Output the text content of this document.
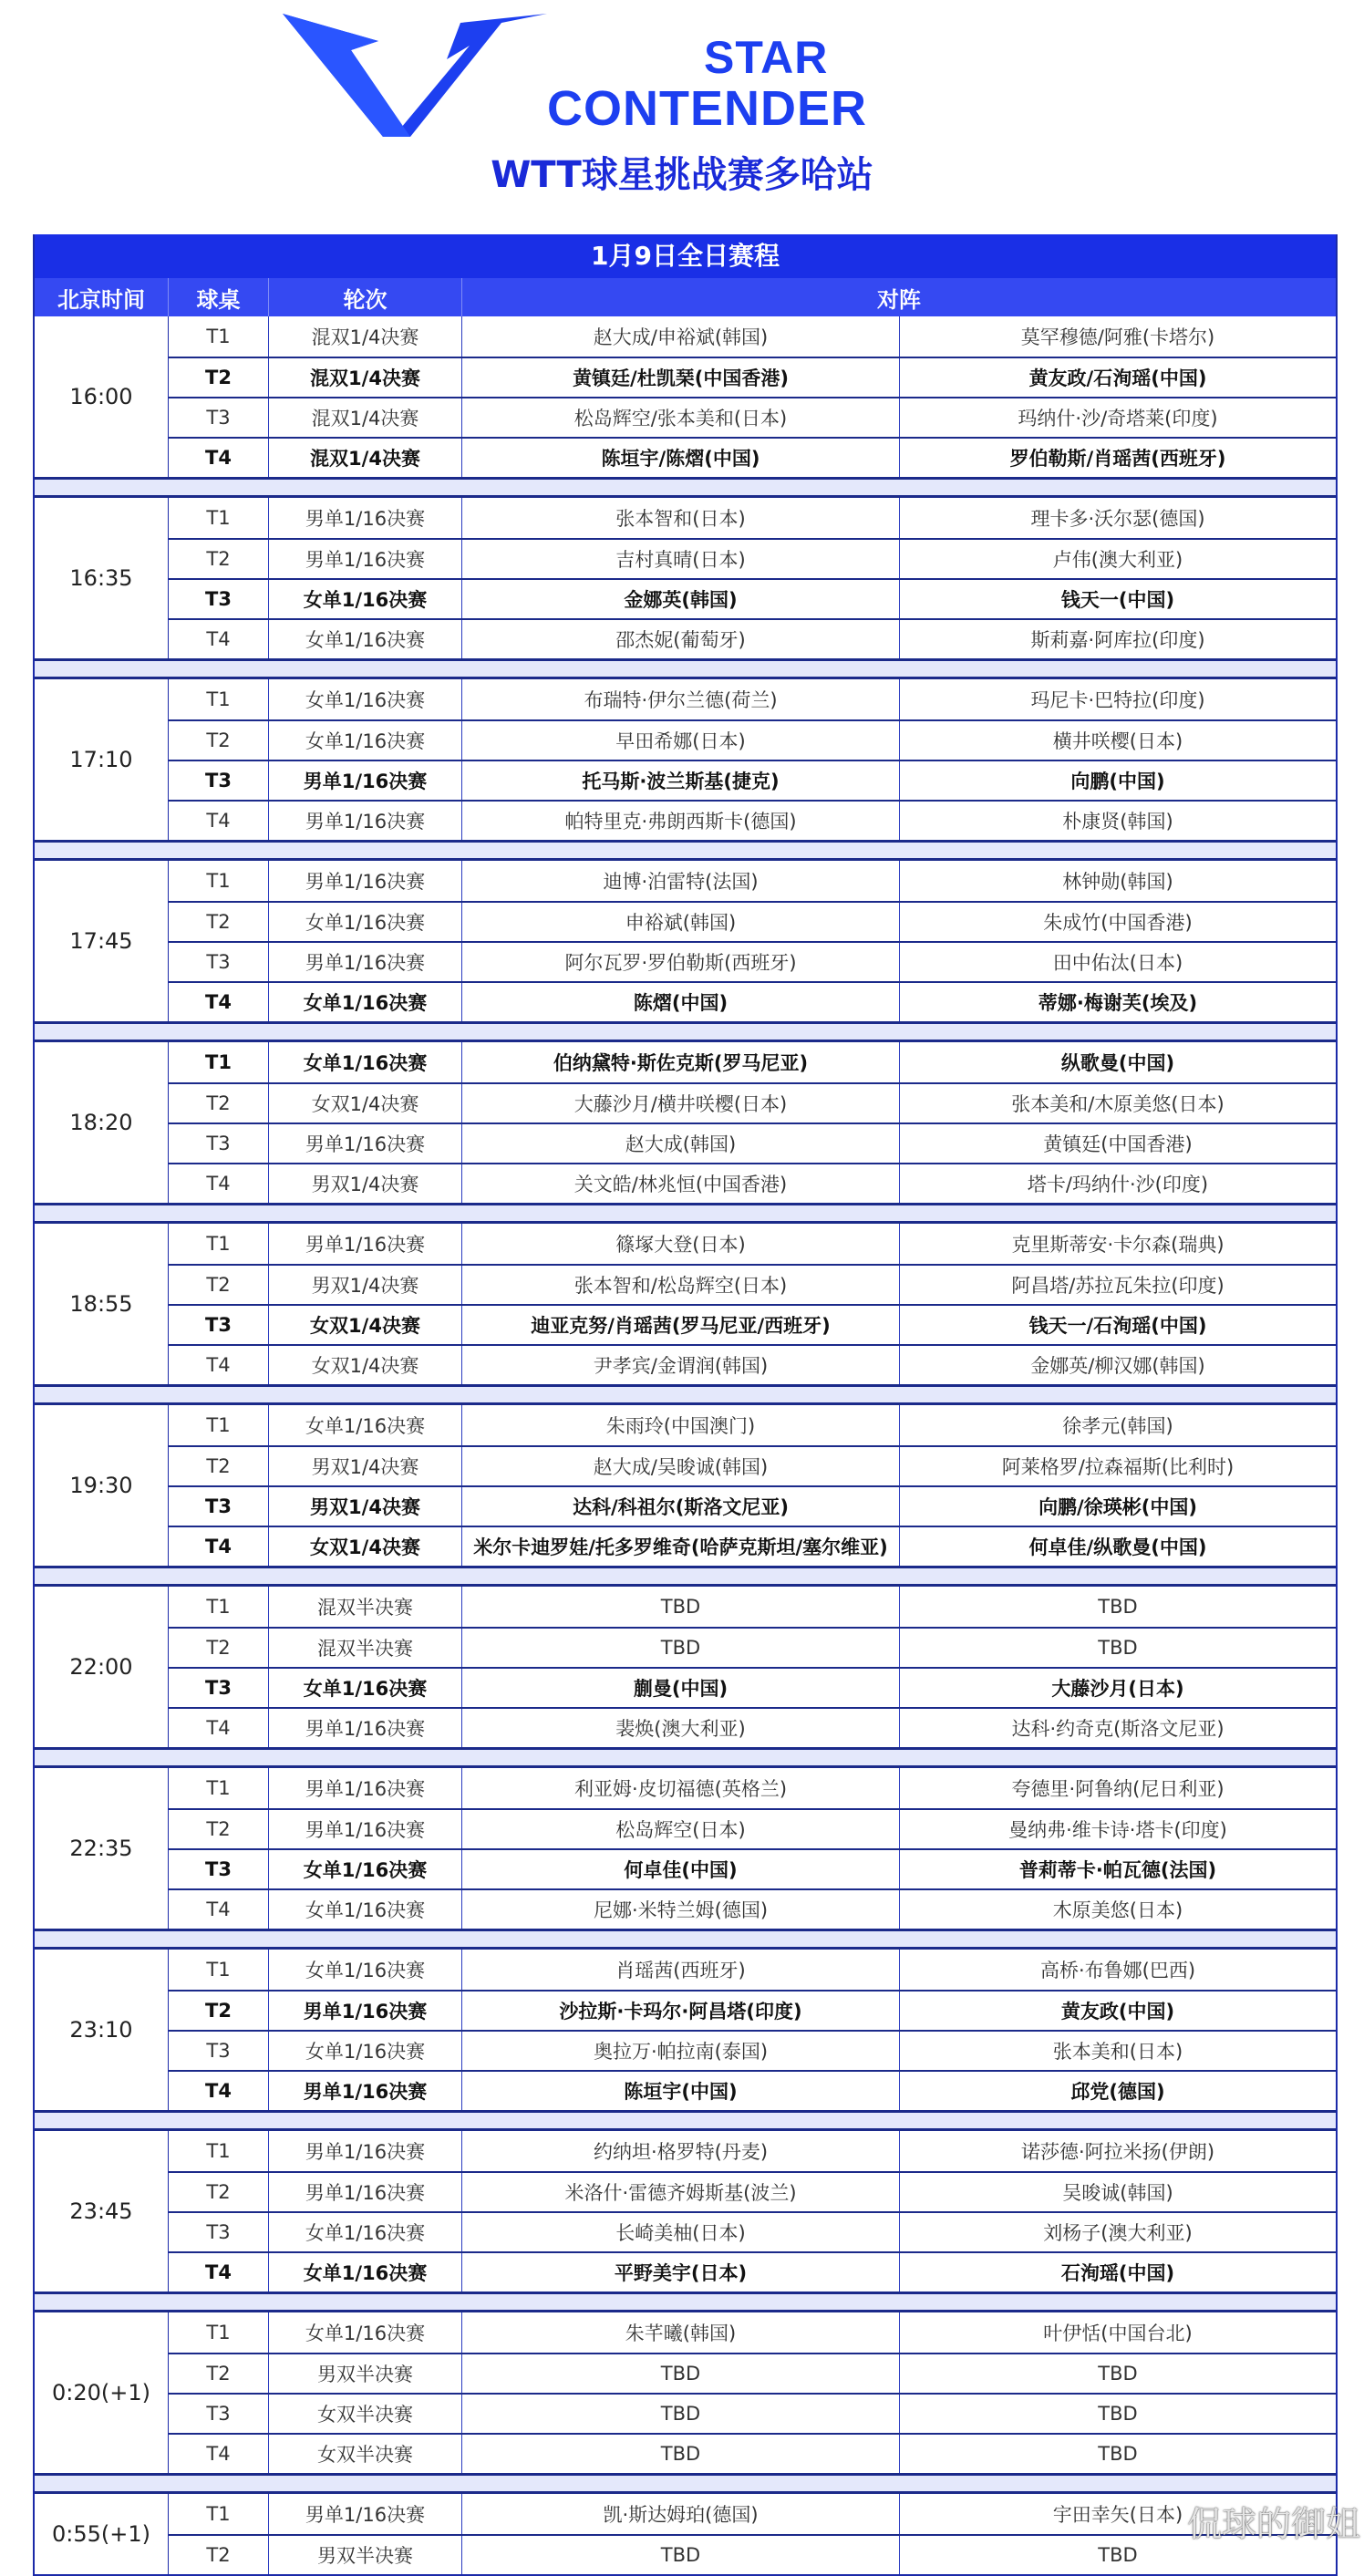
STAR
CONTENDER
WTT球星挑战赛多哈站
1月9日全日赛程
北京时间	球桌	轮次	对阵
16:00
T1	混双1/4决赛	赵大成/申裕斌(韩国)	莫罕穆德/阿雅(卡塔尔)
T2	混双1/4决赛	黄镇廷/杜凯琹(中国香港)	黄友政/石洵瑶(中国)
T3	混双1/4决赛	松岛辉空/张本美和(日本)	玛纳什·沙/奇塔莱(印度)
T4	混双1/4决赛	陈垣宇/陈熠(中国)	罗伯勒斯/肖瑶茜(西班牙)
16:35
T1	男单1/16决赛	张本智和(日本)	理卡多·沃尔瑟(德国)
T2	男单1/16决赛	吉村真晴(日本)	卢伟(澳大利亚)
T3	女单1/16决赛	金娜英(韩国)	钱天一(中国)
T4	女单1/16决赛	邵杰妮(葡萄牙)	斯莉嘉·阿库拉(印度)
17:10
T1	女单1/16决赛	布瑞特·伊尔兰德(荷兰)	玛尼卡·巴特拉(印度)
T2	女单1/16决赛	早田希娜(日本)	横井咲樱(日本)
T3	男单1/16决赛	托马斯·波兰斯基(捷克)	向鹏(中国)
T4	男单1/16决赛	帕特里克·弗朗西斯卡(德国)	朴康贤(韩国)
17:45
T1	男单1/16决赛	迪博·泊雷特(法国)	林钟勋(韩国)
T2	女单1/16决赛	申裕斌(韩国)	朱成竹(中国香港)
T3	男单1/16决赛	阿尔瓦罗·罗伯勒斯(西班牙)	田中佑汰(日本)
T4	女单1/16决赛	陈熠(中国)	蒂娜·梅谢芙(埃及)
18:20
T1	女单1/16决赛	伯纳黛特·斯佐克斯(罗马尼亚)	纵歌曼(中国)
T2	女双1/4决赛	大藤沙月/横井咲樱(日本)	张本美和/木原美悠(日本)
T3	男单1/16决赛	赵大成(韩国)	黄镇廷(中国香港)
T4	男双1/4决赛	关文皓/林兆恒(中国香港)	塔卡/玛纳什·沙(印度)
18:55
T1	男单1/16决赛	篠塚大登(日本)	克里斯蒂安·卡尔森(瑞典)
T2	男双1/4决赛	张本智和/松岛辉空(日本)	阿昌塔/苏拉瓦朱拉(印度)
T3	女双1/4决赛	迪亚克努/肖瑶茜(罗马尼亚/西班牙)	钱天一/石洵瑶(中国)
T4	女双1/4决赛	尹孝宾/金谓润(韩国)	金娜英/柳汉娜(韩国)
19:30
T1	女单1/16决赛	朱雨玲(中国澳门)	徐孝元(韩国)
T2	男双1/4决赛	赵大成/吴晙诚(韩国)	阿莱格罗/拉森福斯(比利时)
T3	男双1/4决赛	达科/科祖尔(斯洛文尼亚)	向鹏/徐瑛彬(中国)
T4	女双1/4决赛	米尔卡迪罗娃/托多罗维奇(哈萨克斯坦/塞尔维亚)	何卓佳/纵歌曼(中国)
22:00
T1	混双半决赛	TBD	TBD
T2	混双半决赛	TBD	TBD
T3	女单1/16决赛	蒯曼(中国)	大藤沙月(日本)
T4	男单1/16决赛	裴焕(澳大利亚)	达科·约奇克(斯洛文尼亚)
22:35
T1	男单1/16决赛	利亚姆·皮切福德(英格兰)	夸德里·阿鲁纳(尼日利亚)
T2	男单1/16决赛	松岛辉空(日本)	曼纳弗·维卡诗·塔卡(印度)
T3	女单1/16决赛	何卓佳(中国)	普莉蒂卡·帕瓦德(法国)
T4	女单1/16决赛	尼娜·米特兰姆(德国)	木原美悠(日本)
23:10
T1	女单1/16决赛	肖瑶茜(西班牙)	高桥·布鲁娜(巴西)
T2	男单1/16决赛	沙拉斯·卡玛尔·阿昌塔(印度)	黄友政(中国)
T3	女单1/16决赛	奥拉万·帕拉南(泰国)	张本美和(日本)
T4	男单1/16决赛	陈垣宇(中国)	邱党(德国)
23:45
T1	男单1/16决赛	约纳坦·格罗特(丹麦)	诺莎德·阿拉米扬(伊朗)
T2	男单1/16决赛	米洛什·雷德齐姆斯基(波兰)	吴晙诚(韩国)
T3	女单1/16决赛	长崎美柚(日本)	刘杨子(澳大利亚)
T4	女单1/16决赛	平野美宇(日本)	石洵瑶(中国)
0:20(+1)
T1	女单1/16决赛	朱芊曦(韩国)	叶伊恬(中国台北)
T2	男双半决赛	TBD	TBD
T3	女双半决赛	TBD	TBD
T4	女双半决赛	TBD	TBD
0:55(+1)
T1	男单1/16决赛	凯·斯达姆珀(德国)	宇田幸矢(日本)
T2	男双半决赛	TBD	TBD
侃球的御姐
